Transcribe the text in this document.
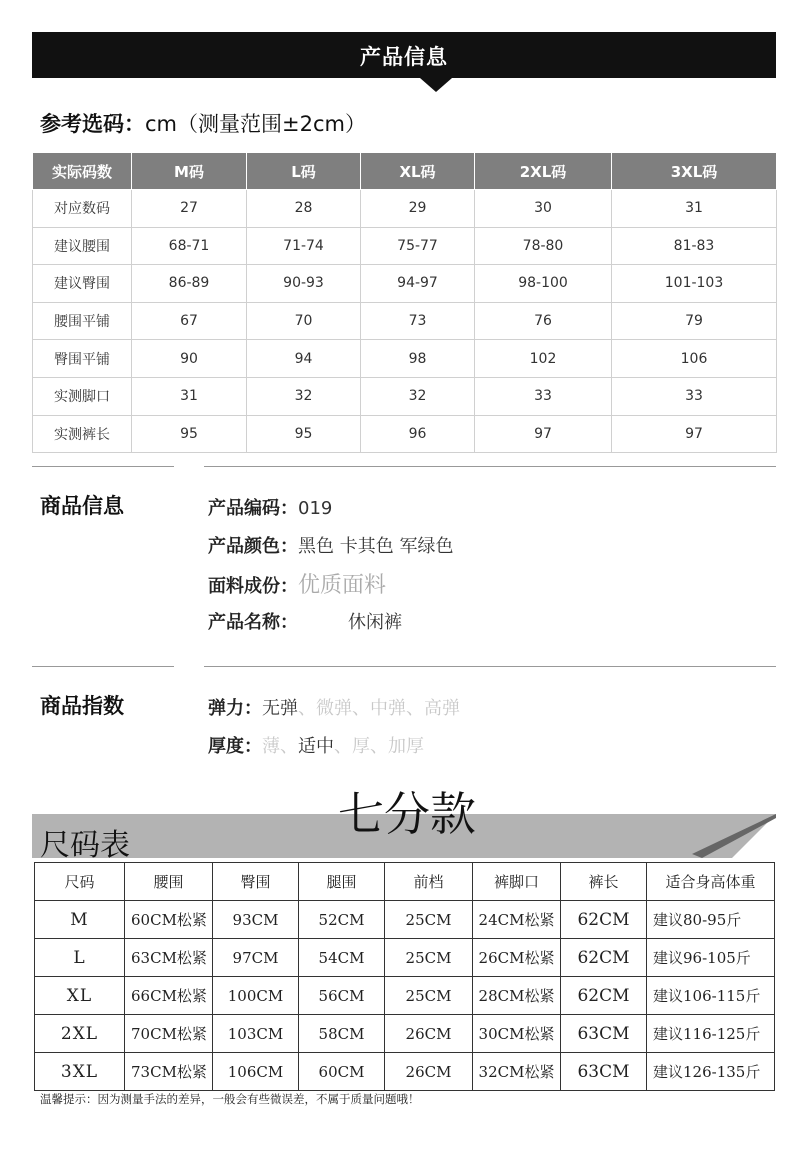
产品信息
参考选码：cm（测量范围±2cm）
实际码数	M码	L码	XL码	2XL码	3XL码
对应数码	27	28	29	30	31
建议腰围	68-71	71-74	75-77	78-80	81-83
建议臀围	86-89	90-93	94-97	98-100	101-103
腰围平铺	67	70	73	76	79
臀围平铺	90	94	98	102	106
实测脚口	31	32	32	33	33
实测裤长	95	95	96	97	97
商品信息	产品编码：019
产品颜色：黑色 卡其色 军绿色
面料成份：优质面料
产品名称：	休闲裤
商品指数	弹力：无弹、微弹、中弹、高弹
厚度：薄、适中、厚、加厚
尺码表
七分款
尺码	腰围	臀围	腿围	前档	裤脚口	裤长	适合身高体重
M	60CM松紧	93CM	52CM	25CM	24CM松紧	62CM	建议80-95斤
L	63CM松紧	97CM	54CM	25CM	26CM松紧	62CM	建议96-105斤
XL	66CM松紧	100CM	56CM	25CM	28CM松紧	62CM	建议106-115斤
2XL	70CM松紧	103CM	58CM	26CM	30CM松紧	63CM	建议116-125斤
3XL	73CM松紧	106CM	60CM	26CM	32CM松紧	63CM	建议126-135斤
温馨提示：因为测量手法的差异，一般会有些微误差，不属于质量问题哦！
